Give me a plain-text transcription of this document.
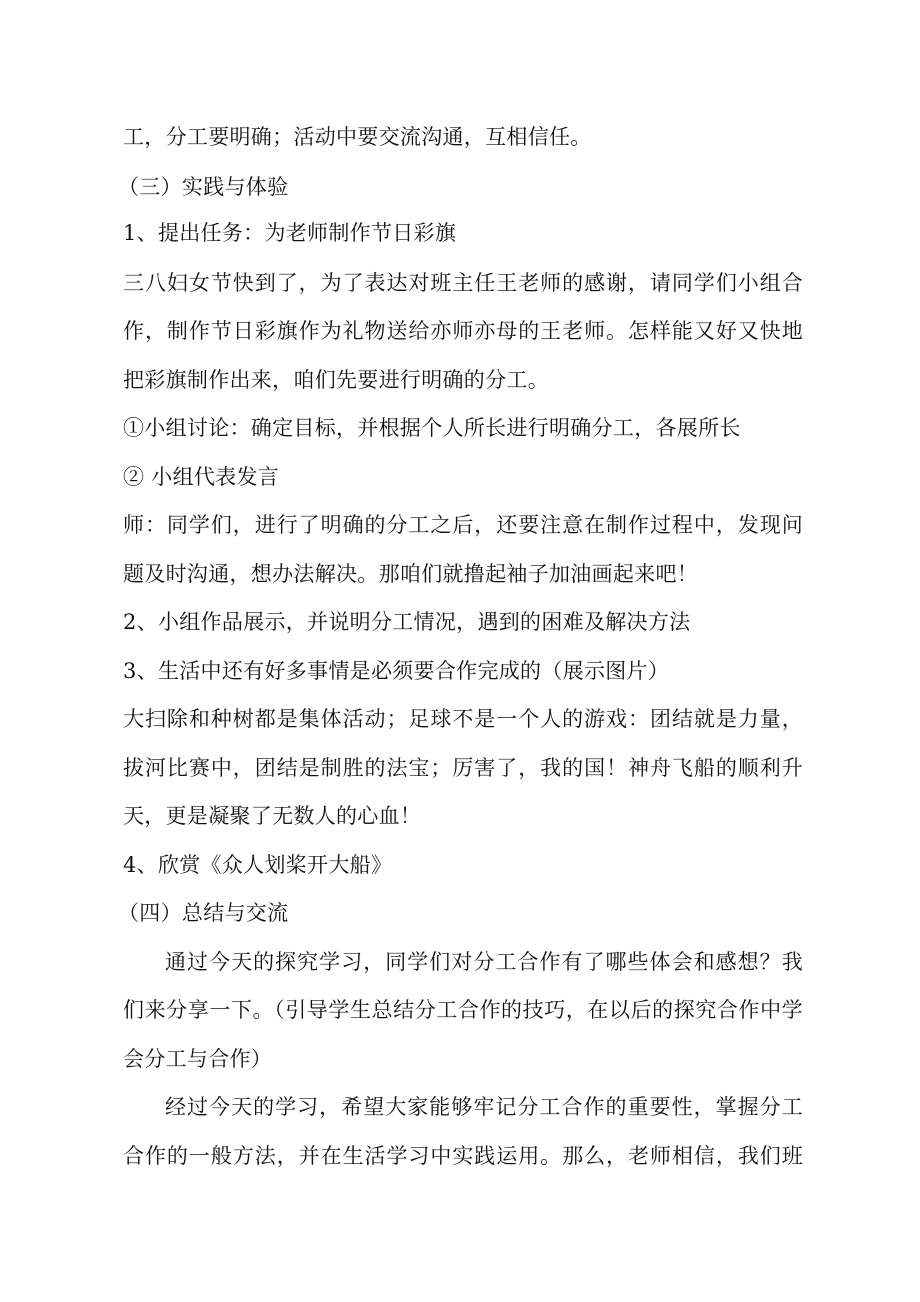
工，分工要明确；活动中要交流沟通，互相信任。
（三）实践与体验
1、提出任务：为老师制作节日彩旗
三八妇女节快到了，为了表达对班主任王老师的感谢，请同学们小组合
作，制作节日彩旗作为礼物送给亦师亦母的王老师。怎样能又好又快地
把彩旗制作出来，咱们先要进行明确的分工。
①小组讨论：确定目标，并根据个人所长进行明确分工，各展所长
② 小组代表发言
师：同学们，进行了明确的分工之后，还要注意在制作过程中，发现问
题及时沟通，想办法解决。那咱们就撸起袖子加油画起来吧！
2、小组作品展示，并说明分工情况，遇到的困难及解决方法
3、生活中还有好多事情是必须要合作完成的（展示图片）
大扫除和种树都是集体活动；足球不是一个人的游戏：团结就是力量，
拔河比赛中，团结是制胜的法宝；厉害了，我的国！神舟飞船的顺利升
天，更是凝聚了无数人的心血！
4、欣赏《众人划桨开大船》
（四）总结与交流
通过今天的探究学习，同学们对分工合作有了哪些体会和感想？我
们来分享一下。（引导学生总结分工合作的技巧，在以后的探究合作中学
会分工与合作）
经过今天的学习，希望大家能够牢记分工合作的重要性，掌握分工
合作的一般方法，并在生活学习中实践运用。那么，老师相信，我们班
